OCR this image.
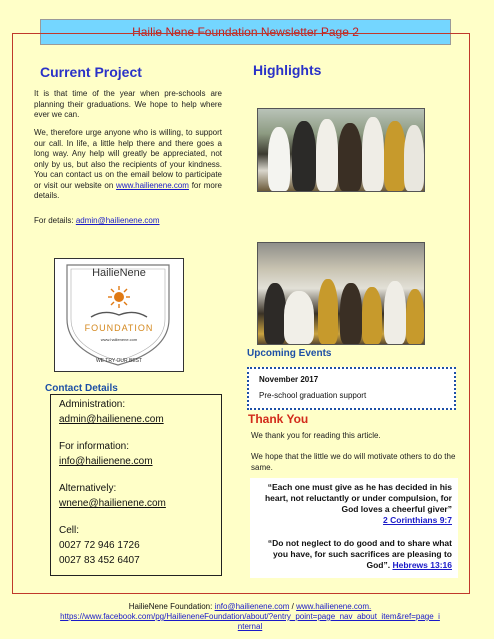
Hailie Nene Foundation Newsletter Page 2
Current Project
It is that time of the year when pre-schools are planning their graduations. We hope to help where ever we can.
We, therefore urge anyone who is willing, to support our call. In life, a little help there and there goes a long way. Any help will greatly be appreciated, not only by us, but also the recipients of your kindness. You can contact us on the email below to participate or visit our website on www.hailienene.com for more details.
For details: admin@hailienene.com
Highlights
HailieNene
FOUNDATION
www.hailienene.com
WE TRY OUR BEST
Contact Details
Administration:
admin@hailienene.com
For information:
info@hailienene.com
Alternatively:
wnene@hailienene.com
Cell:
0027 72 946 1726
0027 83 452 6407
Upcoming Events
November 2017
Pre-school graduation support
Thank You
We thank you for reading this article.
We hope that the little we do will motivate others to do the same.
“Each one must give as he has decided in his heart, not reluctantly or under compulsion, for God loves a cheerful giver”
2 Corinthians 9:7
“Do not neglect to do good and to share what you have, for such sacrifices are pleasing to God”. Hebrews 13:16
HailieNene Foundation: info@hailienene.com / www.hailienene.com.
https://www.facebook.com/pg/HailieneneFoundation/about/?entry_point=page_nav_about_item&ref=page_internal
